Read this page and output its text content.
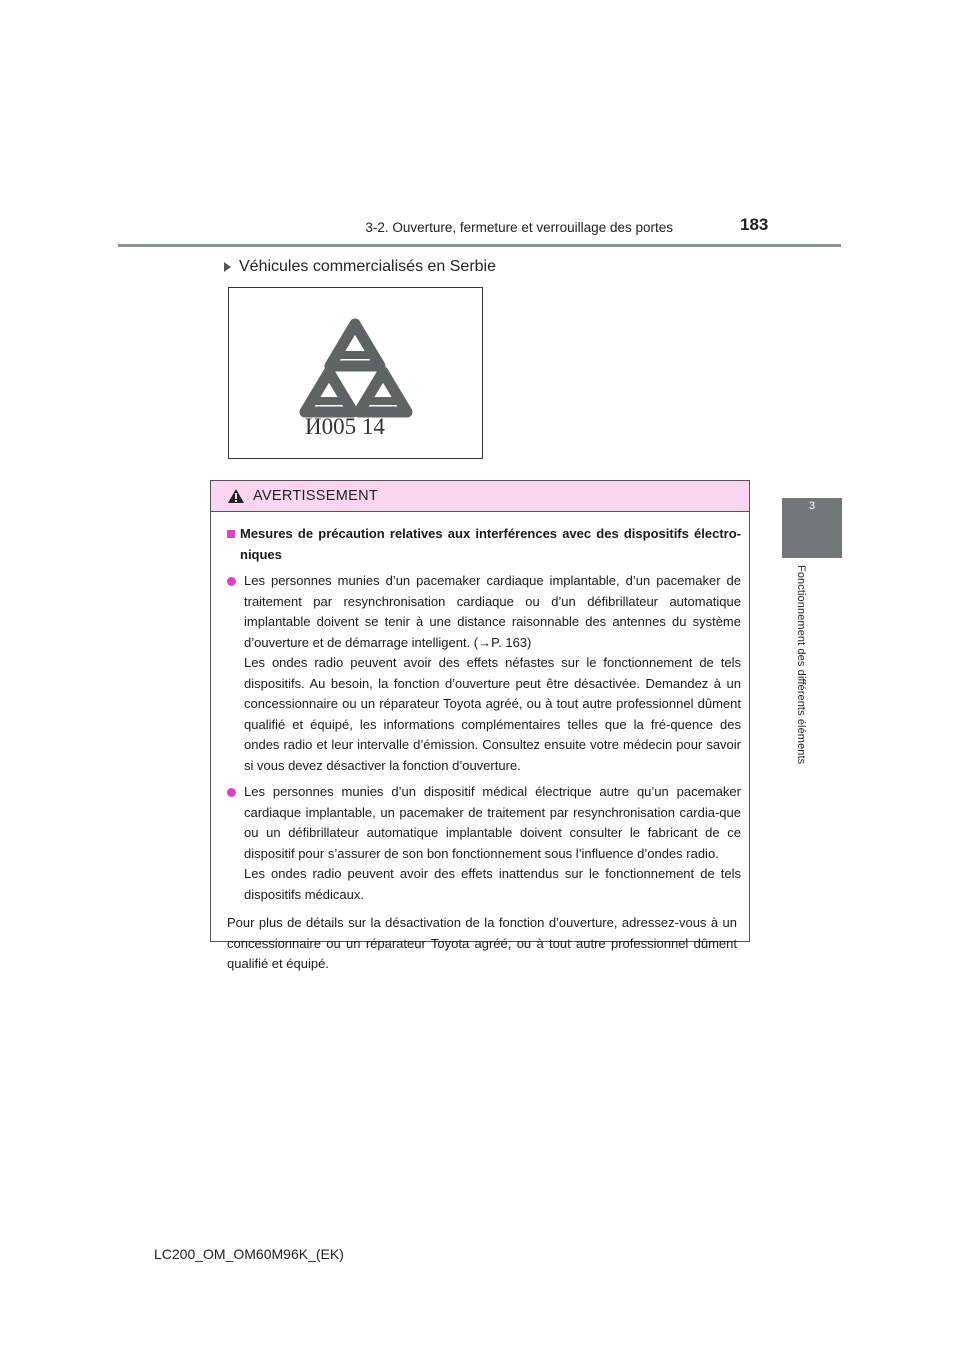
3-2. Ouverture, fermeture et verrouillage des portes	183
3
Fonctionnement des différents éléments
Véhicules commercialisés en Serbie
И005 14
AVERTISSEMENT
Mesures de précaution relatives aux interférences avec des dispositifs électro-niques

Les personnes munies d’un pacemaker cardiaque implantable, d’un pacemaker de traitement par resynchronisation cardiaque ou d’un défibrillateur automatique implantable doivent se tenir à une distance raisonnable des antennes du système d’ouverture et de démarrage intelligent. (→P. 163)

Les ondes radio peuvent avoir des effets néfastes sur le fonctionnement de tels dispositifs. Au besoin, la fonction d’ouverture peut être désactivée. Demandez à un concessionnaire ou un réparateur Toyota agréé, ou à tout autre professionnel dûment qualifié et équipé, les informations complémentaires telles que la fré-quence des ondes radio et leur intervalle d’émission. Consultez ensuite votre médecin pour savoir si vous devez désactiver la fonction d’ouverture.

Les personnes munies d’un dispositif médical électrique autre qu’un pacemaker cardiaque implantable, un pacemaker de traitement par resynchronisation cardia-que ou un défibrillateur automatique implantable doivent consulter le fabricant de ce dispositif pour s’assurer de son bon fonctionnement sous l’influence d’ondes radio.

Les ondes radio peuvent avoir des effets inattendus sur le fonctionnement de tels dispositifs médicaux.

Pour plus de détails sur la désactivation de la fonction d’ouverture, adressez-vous à un concessionnaire ou un réparateur Toyota agréé, ou à tout autre professionnel dûment qualifié et équipé.

LC200_OM_OM60M96K_(EK)
